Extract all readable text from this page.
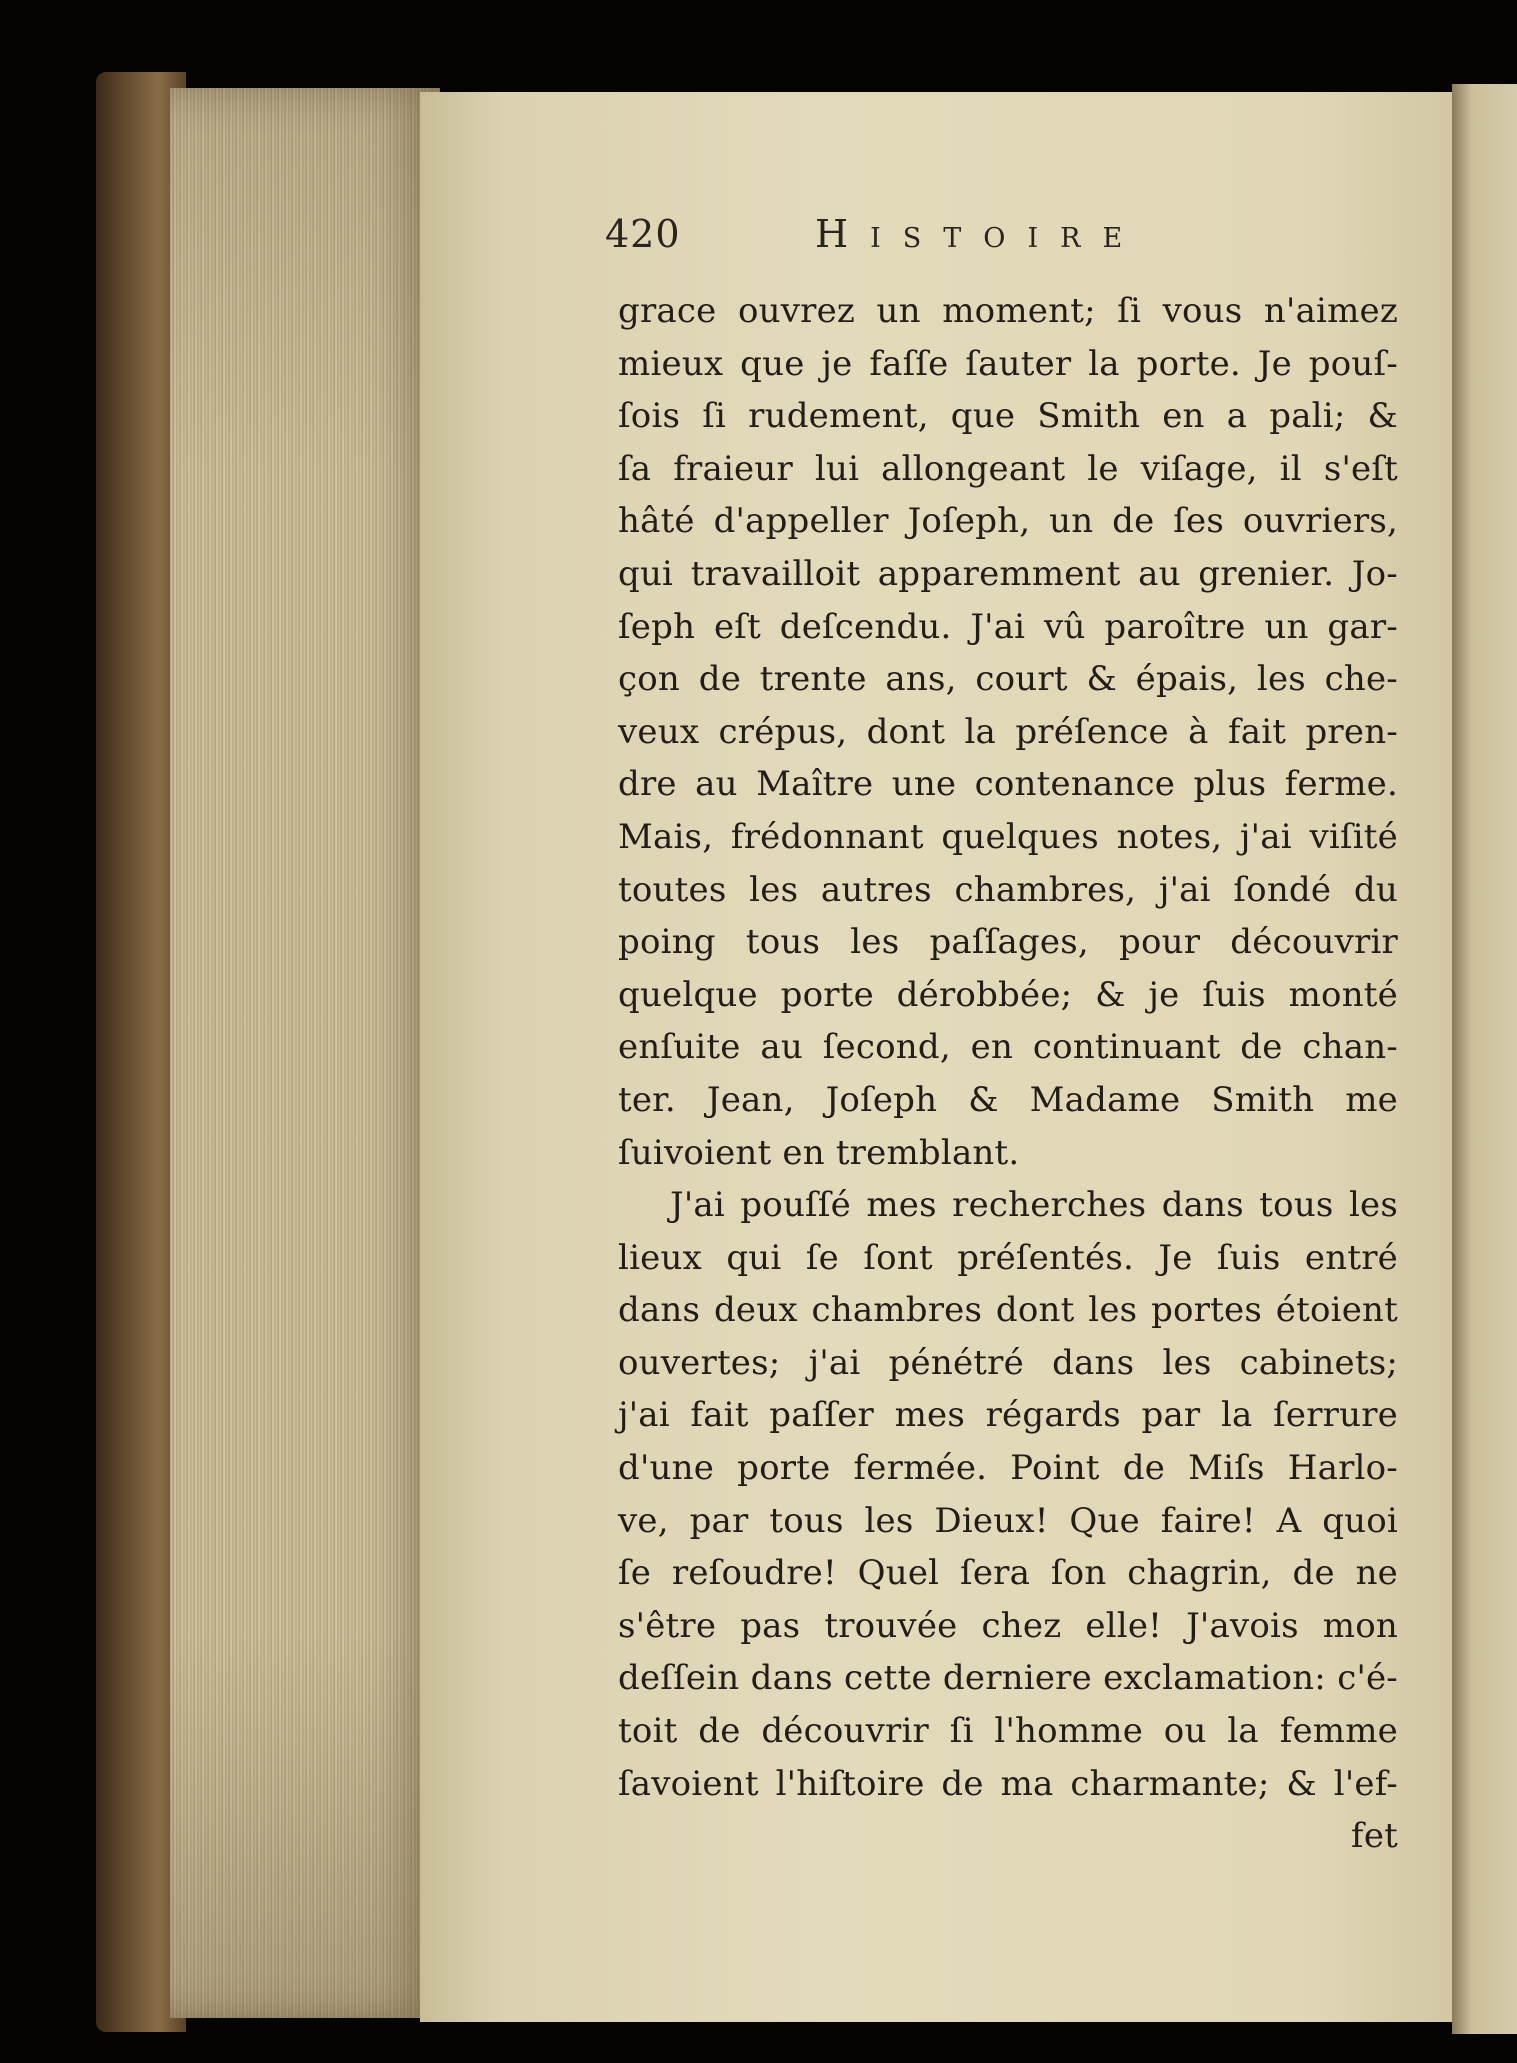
420	Histoire
grace ouvrez un moment; ſi vous n'aimez
mieux que je faſſe ſauter la porte. Je pouſ-
ſois ſi rudement, que Smith en a pali; &
ſa fraieur lui allongeant le viſage, il s'eſt
hâté d'appeller Joſeph, un de ſes ouvriers,
qui travailloit apparemment au grenier. Jo-
ſeph eſt deſcendu. J'ai vû paroître un gar-
çon de trente ans, court & épais, les che-
veux crépus, dont la préſence à fait pren-
dre au Maître une contenance plus ferme.
Mais, frédonnant quelques notes, j'ai viſité
toutes les autres chambres, j'ai ſondé du
poing tous les paſſages, pour découvrir
quelque porte dérobbée; & je ſuis monté
enſuite au ſecond, en continuant de chan-
ter. Jean, Joſeph & Madame Smith me
ſuivoient en tremblant.
J'ai pouſſé mes recherches dans tous les
lieux qui ſe ſont préſentés. Je ſuis entré
dans deux chambres dont les portes étoient
ouvertes; j'ai pénétré dans les cabinets;
j'ai fait paſſer mes régards par la ſerrure
d'une porte fermée. Point de Miſs Harlo-
ve, par tous les Dieux! Que faire! A quoi
ſe reſoudre! Quel ſera ſon chagrin, de ne
s'être pas trouvée chez elle! J'avois mon
deſſein dans cette derniere exclamation: c'é-
toit de découvrir ſi l'homme ou la femme
ſavoient l'hiſtoire de ma charmante; & l'ef-
fet
